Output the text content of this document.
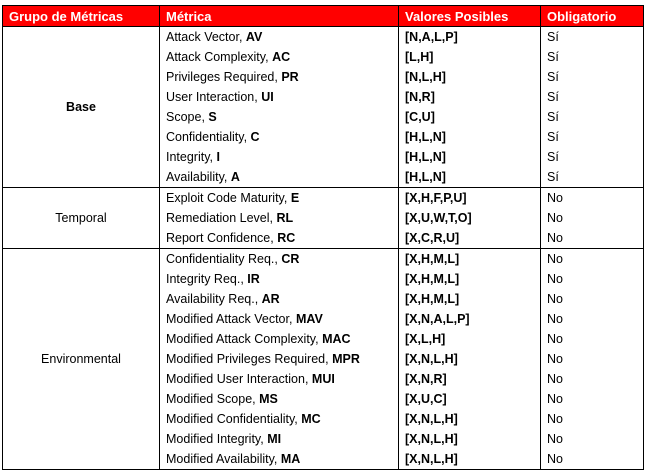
Grupo de Métricas	Métrica	Valores Posibles	Obligatorio
Base	Attack Vector, AV	[N,A,L,P]	Sí
	Attack Complexity, AC	[L,H]	Sí
	Privileges Required, PR	[N,L,H]	Sí
	User Interaction, UI	[N,R]	Sí
	Scope, S	[C,U]	Sí
	Confidentiality, C	[H,L,N]	Sí
	Integrity, I	[H,L,N]	Sí
	Availability, A	[H,L,N]	Sí
Temporal	Exploit Code Maturity, E	[X,H,F,P,U]	No
	Remediation Level, RL	[X,U,W,T,O]	No
	Report Confidence, RC	[X,C,R,U]	No
Environmental	Confidentiality Req., CR	[X,H,M,L]	No
	Integrity Req., IR	[X,H,M,L]	No
	Availability Req., AR	[X,H,M,L]	No
	Modified Attack Vector, MAV	[X,N,A,L,P]	No
	Modified Attack Complexity, MAC	[X,L,H]	No
	Modified Privileges Required, MPR	[X,N,L,H]	No
	Modified User Interaction, MUI	[X,N,R]	No
	Modified Scope, MS	[X,U,C]	No
	Modified Confidentiality, MC	[X,N,L,H]	No
	Modified Integrity, MI	[X,N,L,H]	No
	Modified Availability, MA	[X,N,L,H]	No
